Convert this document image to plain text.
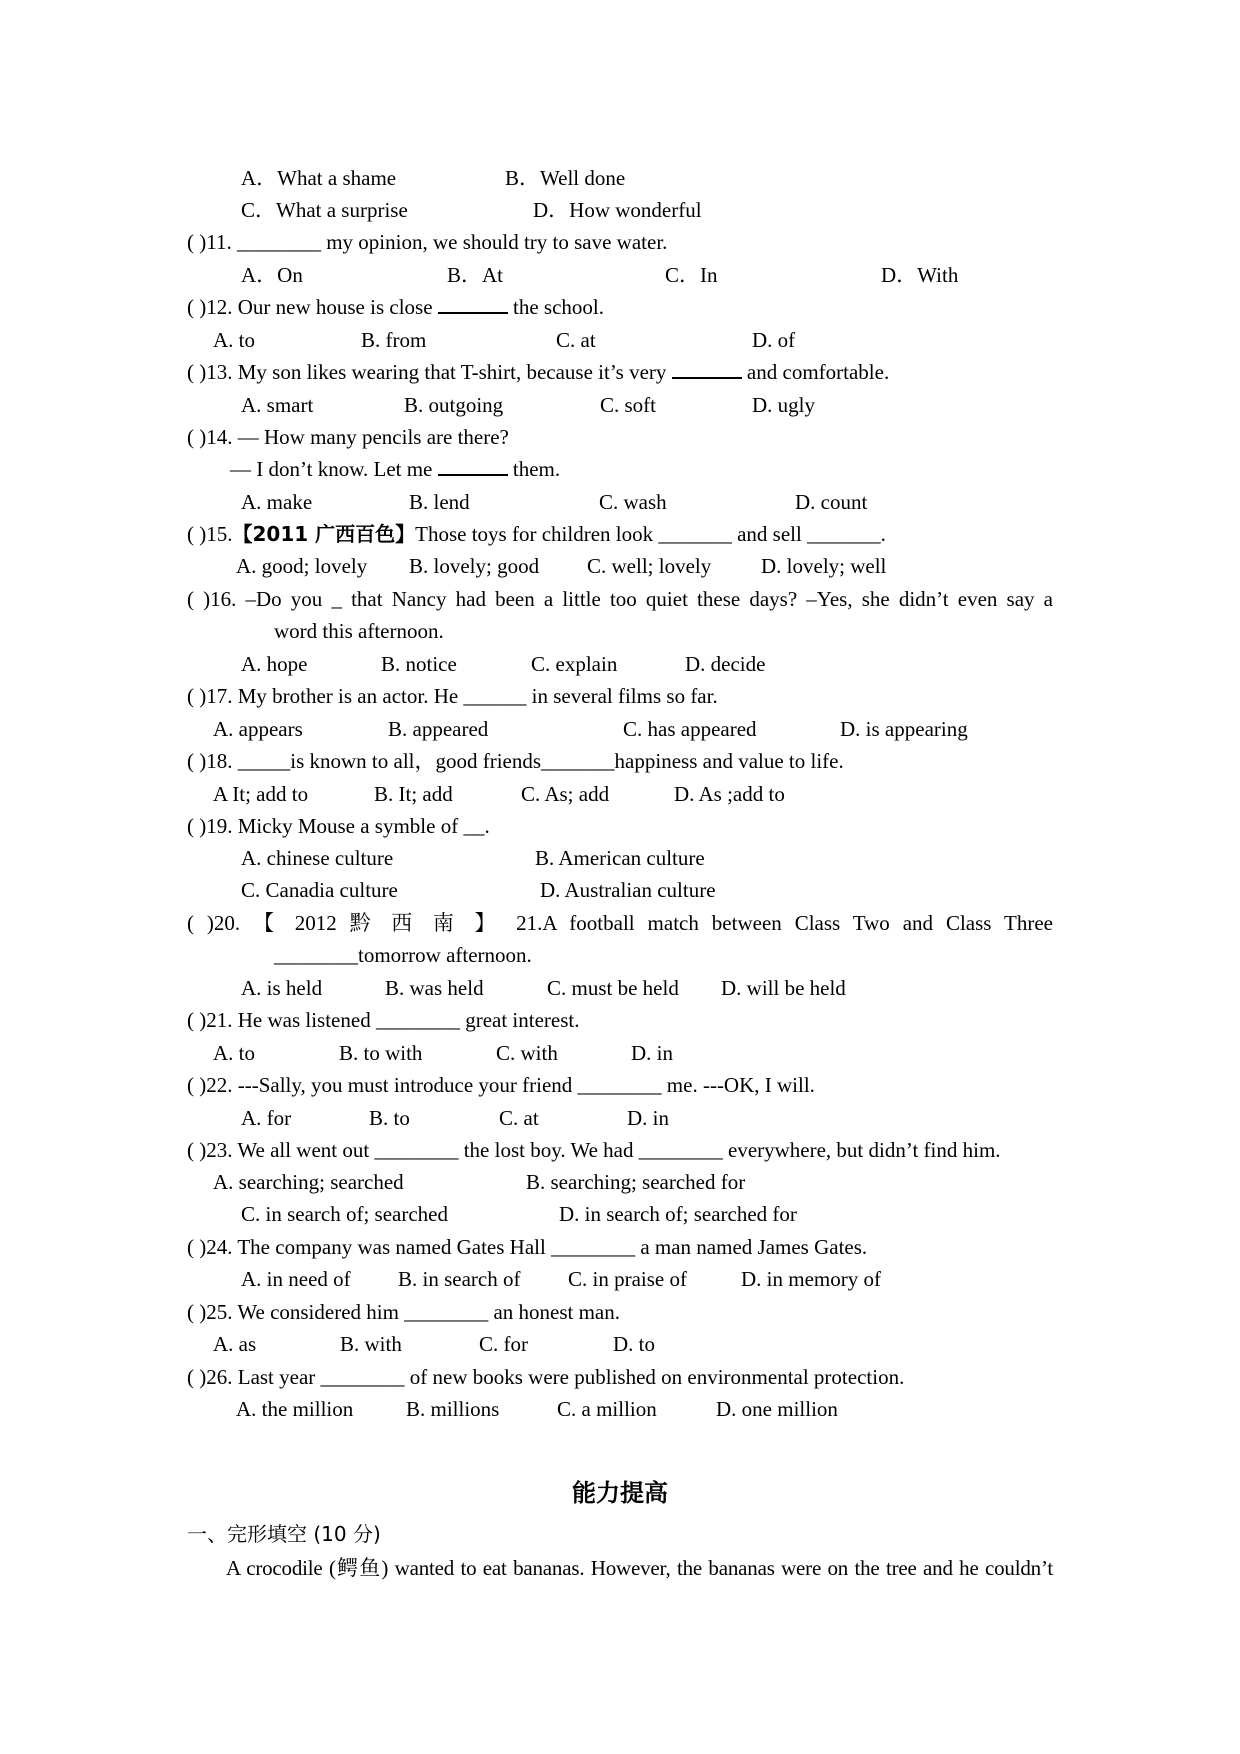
A．What a shame	B．Well done
C．What a surprise	D．How wonderful
( )11. ________ my opinion, we should try to save water.
A．On	B．At	C．In	D．With
( )12. Our new house is close	the school.
A. to	B. from	C. at	D. of
( )13. My son likes wearing that T-shirt, because it’s very	and comfortable.
A. smart	B. outgoing	C. soft	D. ugly
( )14. — How many pencils are there?
— I don’t know. Let me	them.
A. make	B. lend	C. wash	D. count
( )15.【2011 广西百色】Those toys for children look _______ and sell _______.
A. good; lovely B. lovely; good C. well; lovely D. lovely; well
( )16. –Do you _ that Nancy had been a little too quiet these days? –Yes, she didn’t even say a
word this afternoon.
A. hope	B. notice	C. explain	D. decide
( )17. My brother is an actor. He ______ in several films so far.
A. appears	B. appeared	C. has appeared	D. is appearing
( )18. _____is known to all，good friends_______happiness and value to life.
A It; add to	B. It; add	C. As; add	D. As ;add to
( )19. Micky Mouse a symble of __.
A. chinese culture	B. American culture
C. Canadia culture	D. Australian culture
( )20. 【 2012 黔 西 南 】 21.A football match between Class Two and Class Three
________tomorrow afternoon.
A. is held	B. was held	C. must be held D. will be held
( )21. He was listened ________ great interest.
A. to	B. to with	C. with	D. in
( )22. ---Sally, you must introduce your friend ________ me. ---OK, I will.
A. for	B. to	C. at	D. in
( )23. We all went out ________ the lost boy. We had ________ everywhere, but didn’t find him.
A. searching; searched	B. searching; searched for
C. in search of; searched	D. in search of; searched for
( )24. The company was named Gates Hall ________ a man named James Gates.
A. in need of B. in search of C. in praise of	D. in memory of
( )25. We considered him ________ an honest man.
A. as	B. with	C. for	D. to
( )26. Last year ________ of new books were published on environmental protection.
A. the million	B. millions	C. a million	D. one million
能力提高
一、完形填空 (10 分)
A crocodile (鳄鱼) wanted to eat bananas. However, the bananas were on the tree and he couldn’t
